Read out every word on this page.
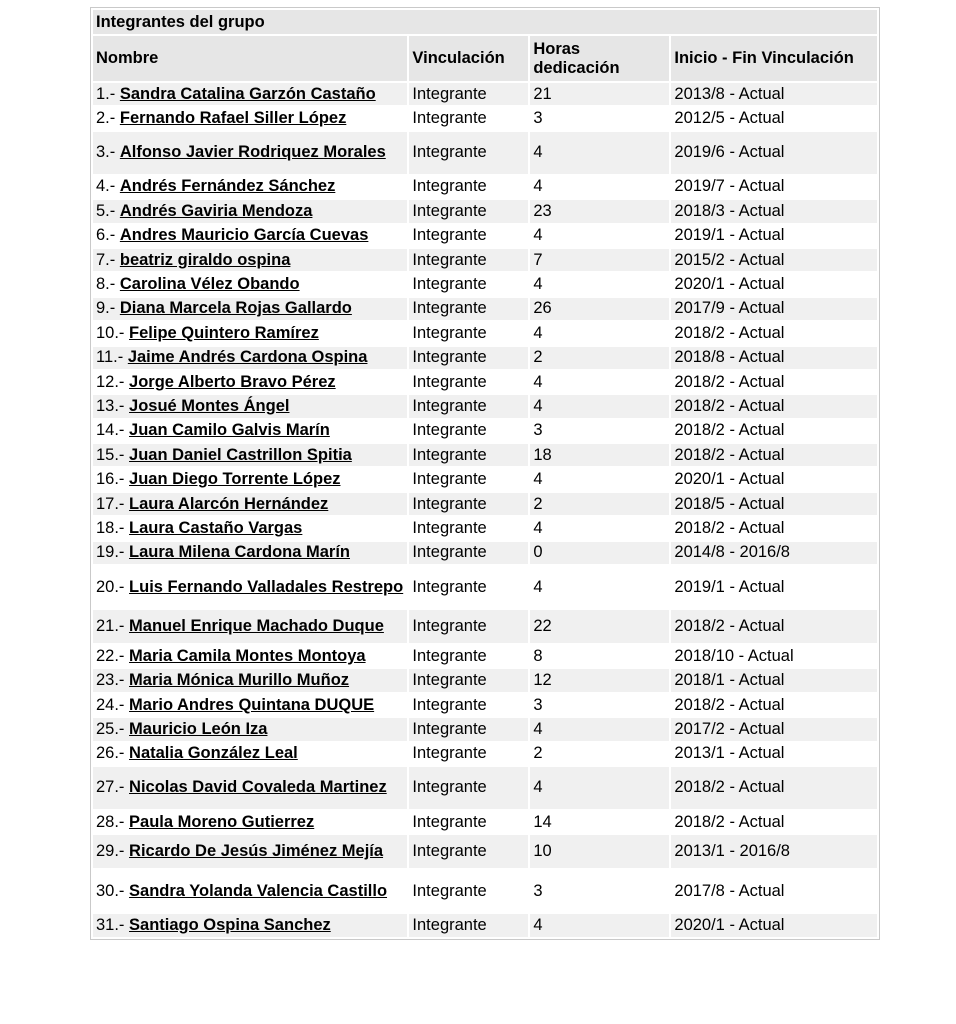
Integrantes del grupo			
Nombre	Vinculación	Horas dedicación	Inicio - Fin Vinculación
1.- Sandra Catalina Garzón Castaño	Integrante	21	2013/8 - Actual
2.- Fernando Rafael Siller López	Integrante	3	2012/5 - Actual
3.- Alfonso Javier Rodriquez Morales	Integrante	4	2019/6 - Actual
4.- Andrés Fernández Sánchez	Integrante	4	2019/7 - Actual
5.- Andrés Gaviria Mendoza	Integrante	23	2018/3 - Actual
6.- Andres Mauricio García Cuevas	Integrante	4	2019/1 - Actual
7.- beatriz giraldo ospina	Integrante	7	2015/2 - Actual
8.- Carolina Vélez Obando	Integrante	4	2020/1 - Actual
9.- Diana Marcela Rojas Gallardo	Integrante	26	2017/9 - Actual
10.- Felipe Quintero Ramírez	Integrante	4	2018/2 - Actual
11.- Jaime Andrés Cardona Ospina	Integrante	2	2018/8 - Actual
12.- Jorge Alberto Bravo Pérez	Integrante	4	2018/2 - Actual
13.- Josué Montes Ángel	Integrante	4	2018/2 - Actual
14.- Juan Camilo Galvis Marín	Integrante	3	2018/2 - Actual
15.- Juan Daniel Castrillon Spitia	Integrante	18	2018/2 - Actual
16.- Juan Diego Torrente López	Integrante	4	2020/1 - Actual
17.- Laura Alarcón Hernández	Integrante	2	2018/5 - Actual
18.- Laura Castaño Vargas	Integrante	4	2018/2 - Actual
19.- Laura Milena Cardona Marín	Integrante	0	2014/8 - 2016/8
20.- Luis Fernando Valladales Restrepo	Integrante	4	2019/1 - Actual
21.- Manuel Enrique Machado Duque	Integrante	22	2018/2 - Actual
22.- Maria Camila Montes Montoya	Integrante	8	2018/10 - Actual
23.- Maria Mónica Murillo Muñoz	Integrante	12	2018/1 - Actual
24.- Mario Andres Quintana DUQUE	Integrante	3	2018/2 - Actual
25.- Mauricio León Iza	Integrante	4	2017/2 - Actual
26.- Natalia González Leal	Integrante	2	2013/1 - Actual
27.- Nicolas David Covaleda Martinez	Integrante	4	2018/2 - Actual
28.- Paula Moreno Gutierrez	Integrante	14	2018/2 - Actual
29.- Ricardo De Jesús Jiménez Mejía	Integrante	10	2013/1 - 2016/8
30.- Sandra Yolanda Valencia Castillo	Integrante	3	2017/8 - Actual
31.- Santiago Ospina Sanchez	Integrante	4	2020/1 - Actual
